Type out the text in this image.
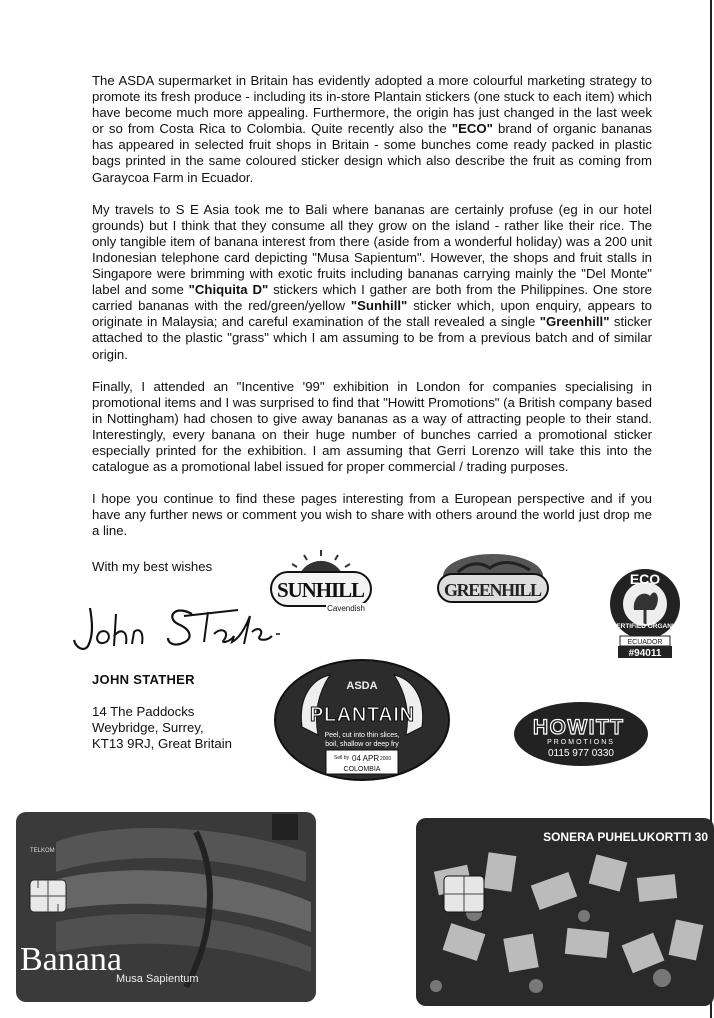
The ASDA supermarket in Britain has evidently adopted a more colourful marketing strategy to promote its fresh produce - including its in-store Plantain stickers (one stuck to each item) which have become much more appealing. Furthermore, the origin has just changed in the last week or so from Costa Rica to Colombia. Quite recently also the "ECO" brand of organic bananas has appeared in selected fruit shops in Britain - some bunches come ready packed in plastic bags printed in the same coloured sticker design which also describe the fruit as coming from Garaycoa Farm in Ecuador.

My travels to S E Asia took me to Bali where bananas are certainly profuse (eg in our hotel grounds) but I think that they consume all they grow on the island - rather like their rice. The only tangible item of banana interest from there (aside from a wonderful holiday) was a 200 unit Indonesian telephone card depicting "Musa Sapientum". However, the shops and fruit stalls in Singapore were brimming with exotic fruits including bananas carrying mainly the "Del Monte" label and some "Chiquita D" stickers which I gather are both from the Philippines. One store carried bananas with the red/green/yellow "Sunhill" sticker which, upon enquiry, appears to originate in Malaysia; and careful examination of the stall revealed a single "Greenhill" sticker attached to the plastic "grass" which I am assuming to be from a previous batch and of similar origin.

Finally, I attended an "Incentive '99" exhibition in London for companies specialising in promotional items and I was surprised to find that "Howitt Promotions" (a British company based in Nottingham) had chosen to give away bananas as a way of attracting people to their stand. Interestingly, every banana on their huge number of bunches carried a promotional sticker especially printed for the exhibition. I am assuming that Gerri Lorenzo will take this into the catalogue as a promotional label issued for proper commercial / trading purposes.

I hope you continue to find these pages interesting from a European perspective and if you have any further news or comment you wish to share with others around the world just drop me a line.

With my best wishes
JOHN STATHER
14 The Paddocks
Weybridge, Surrey,
KT13 9RJ, Great Britain
SUNHILL
Cavendish
GREENHILL
ECO
CERTIFIED ORGANIC
ECUADOR
#94011
ASDA
PLANTAIN
Peel, cut into thin slices,
boil, shallow or deep fry
Sell by 04 APR 2000
COLOMBIA
HOWITT
PROMOTIONS
0115 977 0330
TELKOM
Banana
Musa Sapientum
SONERA PUHELUKORTTI 30
